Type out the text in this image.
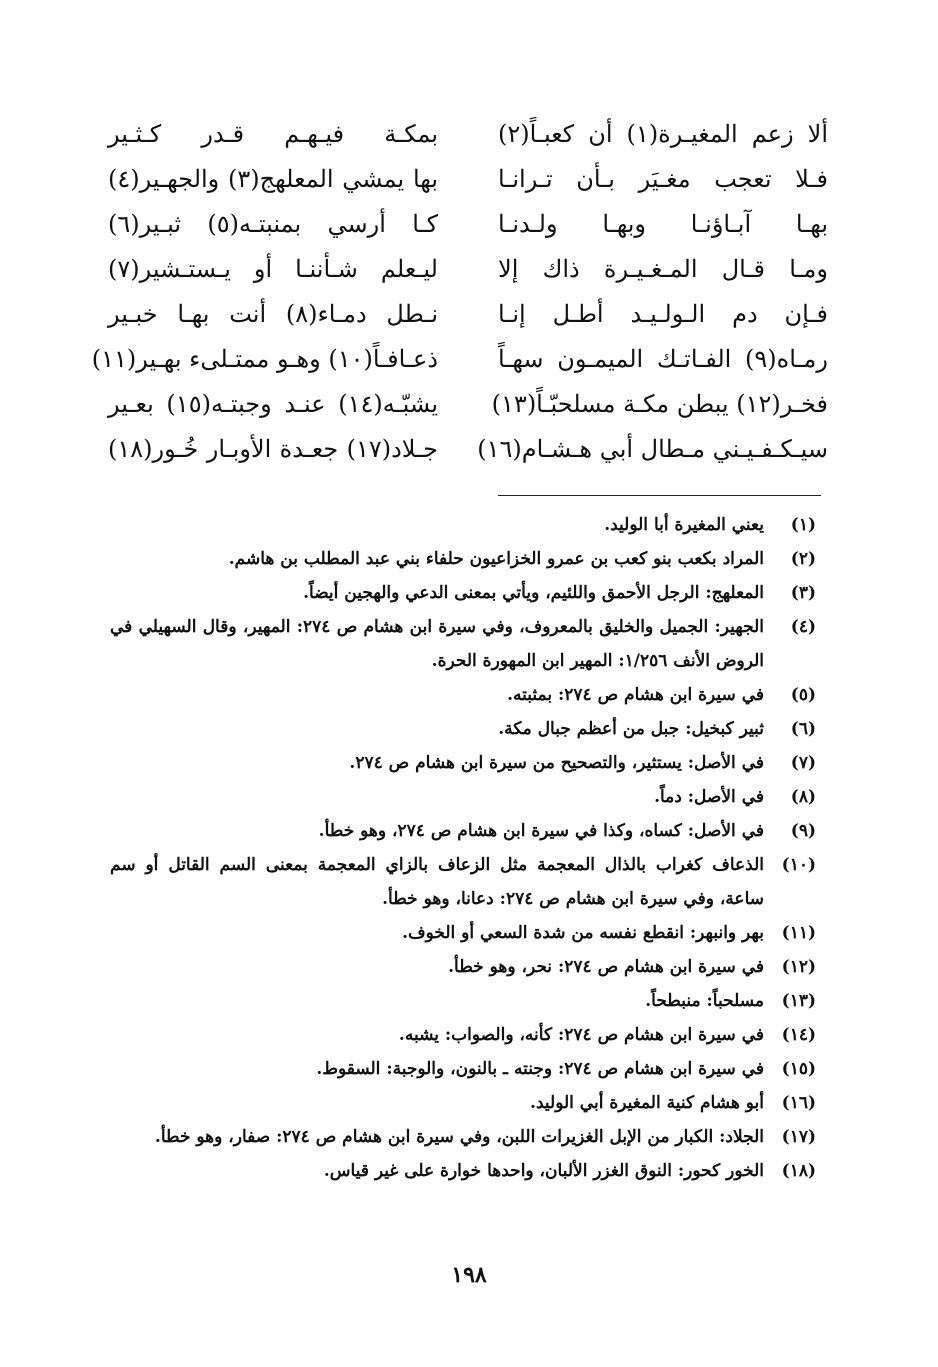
ألا زعم المغيـرة(١) أن كعبـاً(٢)
بمكـة فيـهـم قـدر كـثـير
فـلا تعجب مغـيَر بـأن تـرانـا
بها يمشي المعلهج(٣) والجهـير(٤)
بهـا آبـاؤنـا وبهـا ولـدنـا
كـا أرسي بمنبتـه(٥) ثبـير(٦)
ومـا قـال المـغـيـرة ذاك إلا
ليـعلم شـأننـا أو يـستـشير(٧)
فـإن دم الـولـيـد أطـل إنـا
نـطل دمـاء(٨) أنت بهـا خبـير
رمـاه(٩) الفـاتـك الميمـون سهـاً
ذعـافـاً(١٠) وهـو ممتـلىء بهـير(١١)
فخـر(١٢) يبطن مكـة مسلحبّـاً(١٣)
يشبّـه(١٤) عنـد وجبتـه(١٥) بعـير
سيـكـفـيـني مـطال أبي هـشـام(١٦)
جـلاد(١٧) جعـدة الأوبـار خُـور(١٨)
(١)
يعني المغيرة أبا الوليد.
(٢)
المراد بكعب بنو كعب بن عمرو الخزاعيون حلفاء بني عبد المطلب بن هاشم.
(٣)
المعلهج: الرجل الأحمق واللئيم، ويأتي بمعنى الدعي والهجين أيضاً.
(٤)
الجهير: الجميل والخليق بالمعروف، وفي سيرة ابن هشام ص ٢٧٤: المهير، وقال السهيلي في الروض الأنف ١/٢٥٦: المهير ابن المهورة الحرة.
(٥)
في سيرة ابن هشام ص ٢٧٤: بمثبته.
(٦)
ثبير كبخيل: جبل من أعظم جبال مكة.
(٧)
في الأصل: يستثير، والتصحيح من سيرة ابن هشام ص ٢٧٤.
(٨)
في الأصل: دماً.
(٩)
في الأصل: كساه، وكذا في سيرة ابن هشام ص ٢٧٤، وهو خطأ.
(١٠)
الذعاف كغراب بالذال المعجمة مثل الزعاف بالزاي المعجمة بمعنى السم القاتل أو سم ساعة، وفي سيرة ابن هشام ص ٢٧٤: دعانا، وهو خطأ.
(١١)
بهر وانبهر: انقطع نفسه من شدة السعي أو الخوف.
(١٢)
في سيرة ابن هشام ص ٢٧٤: نحر، وهو خطأ.
(١٣)
مسلحباً: منبطحاً.
(١٤)
في سيرة ابن هشام ص ٢٧٤: كأنه، والصواب: يشبه.
(١٥)
في سيرة ابن هشام ص ٢٧٤: وجنته ـ بالنون، والوجبة: السقوط.
(١٦)
أبو هشام كنية المغيرة أبي الوليد.
(١٧)
الجلاد: الكبار من الإبل الغزيرات اللبن، وفي سيرة ابن هشام ص ٢٧٤: صفار، وهو خطأ.
(١٨)
الخور كحور: النوق الغزر الألبان، واحدها خوارة على غير قياس.
١٩٨
